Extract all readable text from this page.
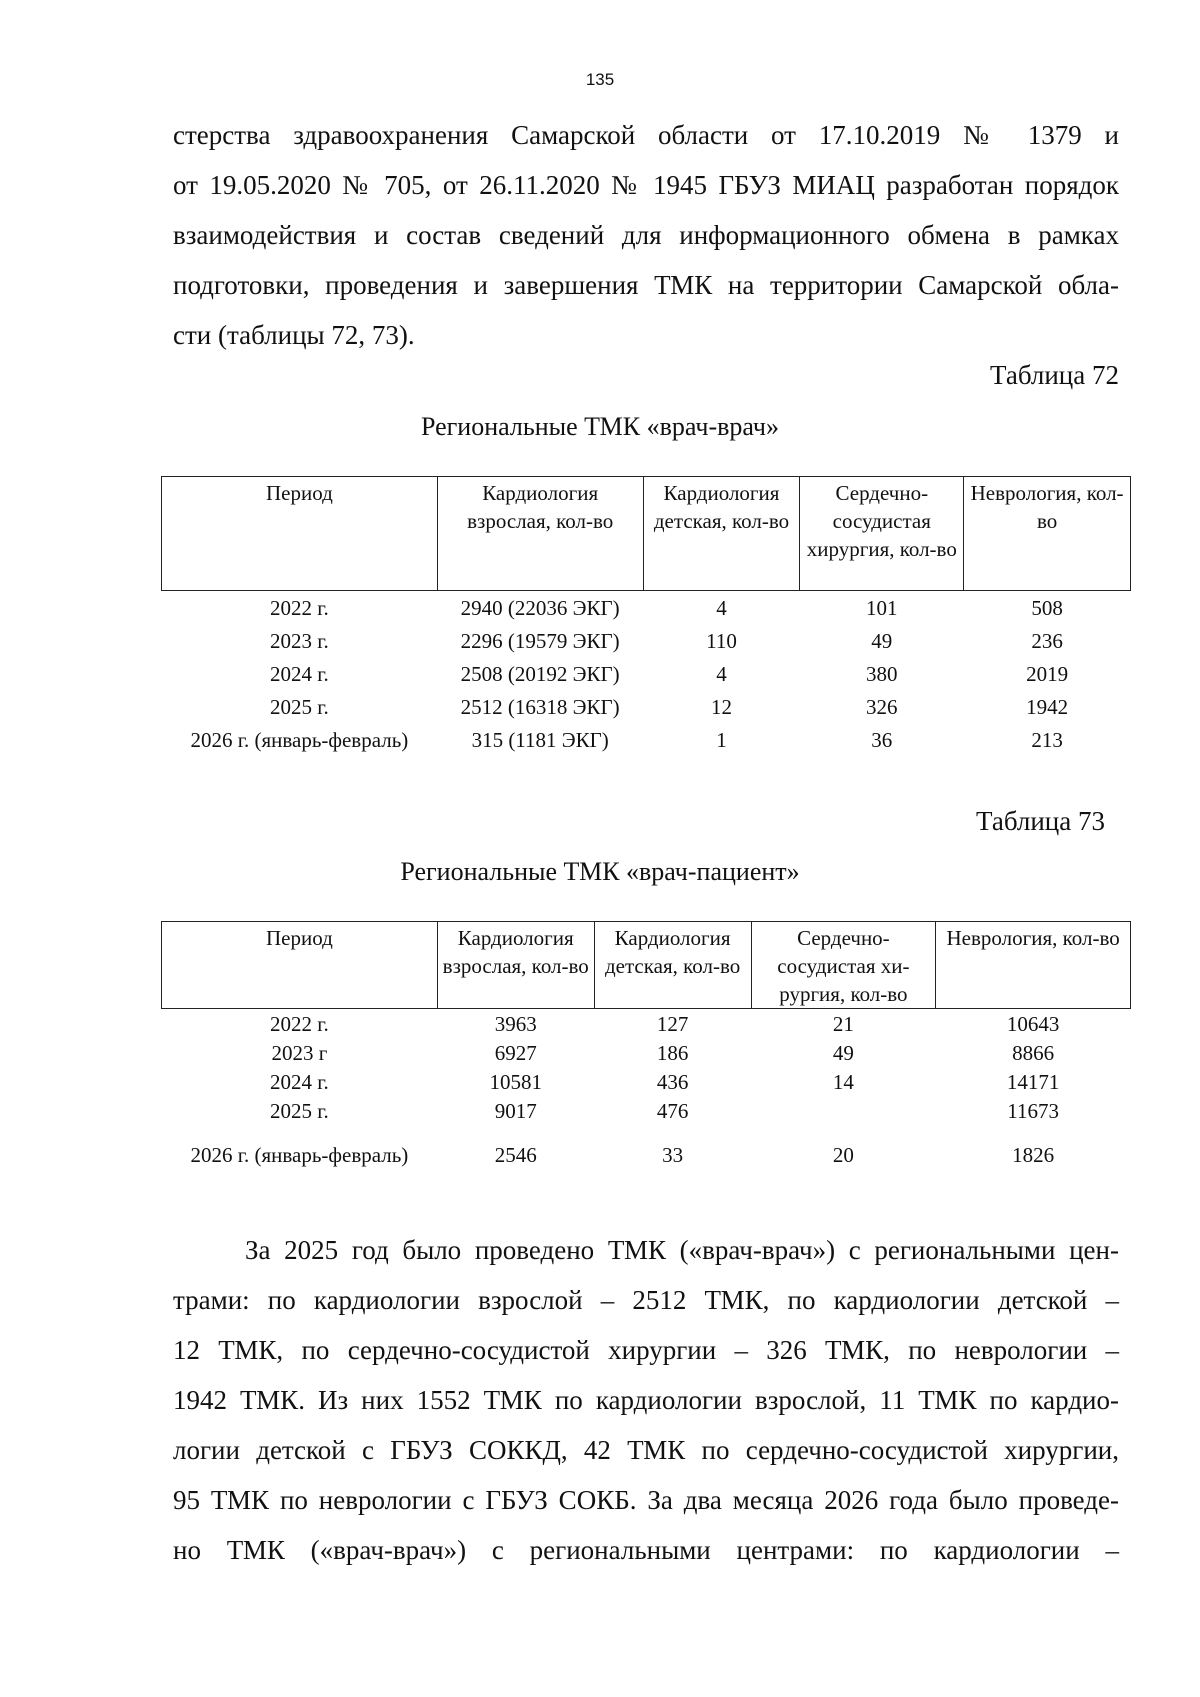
135

стерства здравоохранения Самарской области от 17.10.2019 № 1379 и
от 19.05.2020 № 705, от 26.11.2020 № 1945 ГБУЗ МИАЦ разработан порядок
взаимодействия и состав сведений для информационного обмена в рамках
подготовки, проведения и завершения ТМК на территории Самарской обла-
сти (таблицы 72, 73).

Таблица 72
Региональные ТМК «врач-врач»
Период	Кардиология взрослая, кол-во	Кардиология детская, кол-во	Сердечно-сосудистая хирургия, кол-во	Неврология, кол-во
2022 г.	2940 (22036 ЭКГ)	4	101	508
2023 г.	2296 (19579 ЭКГ)	110	49	236
2024 г.	2508 (20192 ЭКГ)	4	380	2019
2025 г.	2512 (16318 ЭКГ)	12	326	1942
2026 г. (январь-февраль)	315 (1181 ЭКГ)	1	36	213
Таблица 73
Региональные ТМК «врач-пациент»
Период	Кардиология взрослая, кол-во	Кардиология детская, кол-во	Сердечно-сосудистая хи-рургия, кол-во	Неврология, кол-во
2022 г.	3963	127	21	10643
2023 г	6927	186	49	8866
2024 г.	10581	436	14	14171
2025 г.	9017	476		11673
2026 г. (январь-февраль)	2546	33	20	1826

За 2025 год было проведено ТМК («врач-врач») с региональными цен-
трами: по кардиологии взрослой – 2512 ТМК, по кардиологии детской –
12 ТМК, по сердечно-сосудистой хирургии – 326 ТМК, по неврологии –
1942 ТМК. Из них 1552 ТМК по кардиологии взрослой, 11 ТМК по кардио-
логии детской с ГБУЗ СОККД, 42 ТМК по сердечно-сосудистой хирургии,
95 ТМК по неврологии с ГБУЗ СОКБ. За два месяца 2026 года было проведе-
но ТМК («врач-врач») с региональными центрами: по кардиологии –
